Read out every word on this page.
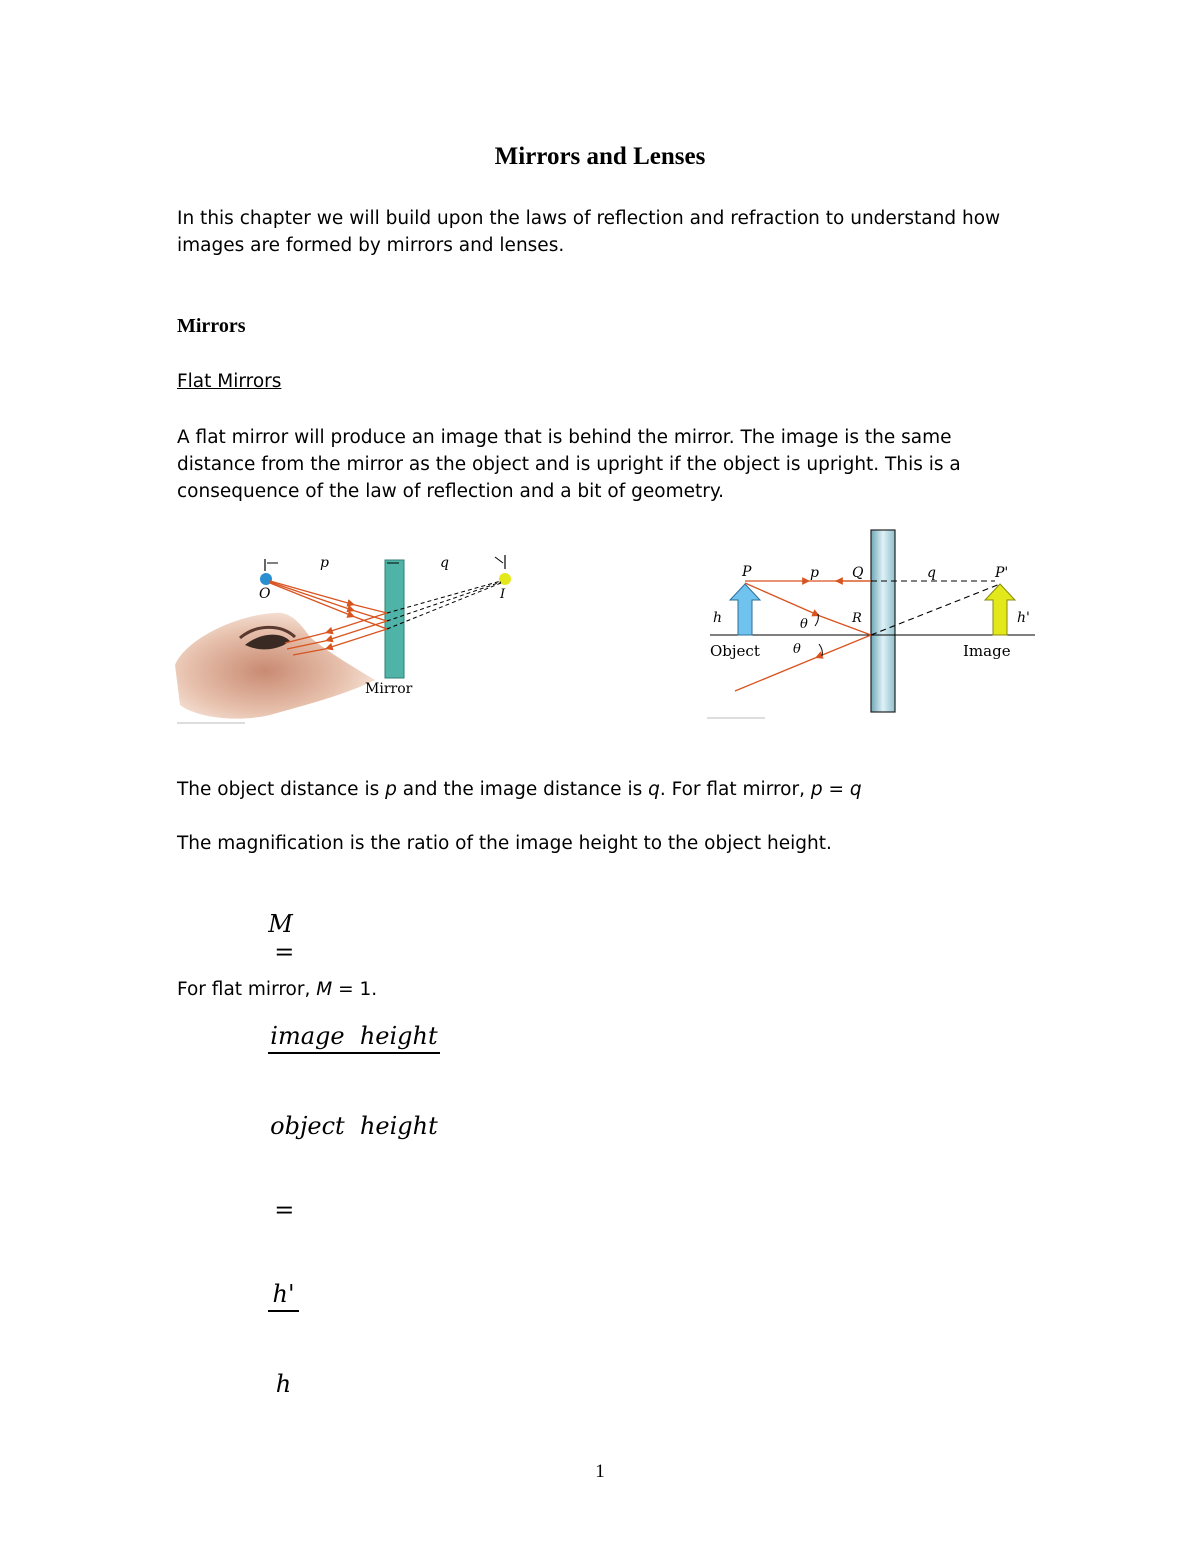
Mirrors and Lenses
In this chapter we will build upon the laws of reflection and refraction to understand how images are formed by mirrors and lenses.
Mirrors
Flat Mirrors
A flat mirror will produce an image that is behind the mirror. The image is the same distance from the mirror as the object and is upright if the object is upright. This is a consequence of the law of reflection and a bit of geometry.
p	q
O	I
Mirror
P	p Q	q	P'
h	h'
R
θ
θ
Object	Image
The object distance is p and the image distance is q. For flat mirror, p = q
The magnification is the ratio of the image height to the object height.

M
=

$\frac{\text{image  height}}{\text{object  height}}$

=

$\frac{h'}{h}$

For flat mirror, M = 1.
1
